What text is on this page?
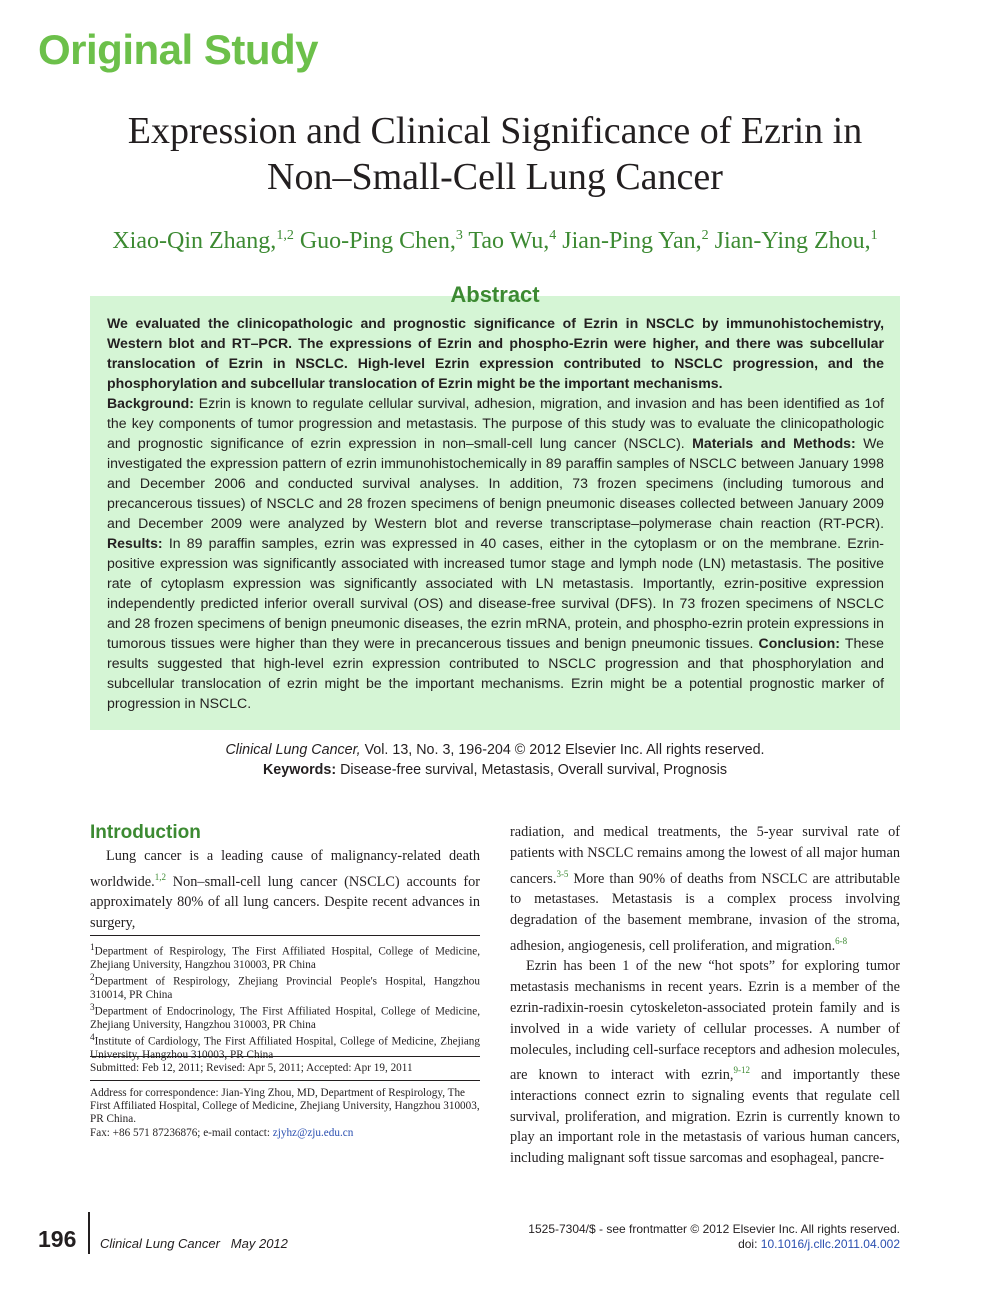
Original Study
Expression and Clinical Significance of Ezrin in
Non–Small-Cell Lung Cancer
Xiao-Qin Zhang,$^{1,2}$ Guo-Ping Chen,$^3$ Tao Wu,$^4$ Jian-Ping Yan,$^2$ Jian-Ying Zhou,$^1$
Abstract

We evaluated the clinicopathologic and prognostic significance of Ezrin in NSCLC by immunohistochemistry, Western blot and RT–PCR. The expressions of Ezrin and phospho-Ezrin were higher, and there was subcellular translocation of Ezrin in NSCLC. High-level Ezrin expression contributed to NSCLC progression, and the phosphorylation and subcellular translocation of Ezrin might be the important mechanisms.

Background: Ezrin is known to regulate cellular survival, adhesion, migration, and invasion and has been identified as 1of the key components of tumor progression and metastasis. The purpose of this study was to evaluate the clinicopathologic and prognostic significance of ezrin expression in non–small-cell lung cancer (NSCLC). Materials and Methods: We investigated the expression pattern of ezrin immunohistochemically in 89 paraffin samples of NSCLC between January 1998 and December 2006 and conducted survival analyses. In addition, 73 frozen specimens (including tumorous and precancerous tissues) of NSCLC and 28 frozen specimens of benign pneumonic diseases collected between January 2009 and December 2009 were analyzed by Western blot and reverse transcriptase–polymerase chain reaction (RT-PCR). Results: In 89 paraffin samples, ezrin was expressed in 40 cases, either in the cytoplasm or on the membrane. Ezrin-positive expression was significantly associated with increased tumor stage and lymph node (LN) metastasis. The positive rate of cytoplasm expression was significantly associated with LN metastasis. Importantly, ezrin-positive expression independently predicted inferior overall survival (OS) and disease-free survival (DFS). In 73 frozen specimens of NSCLC and 28 frozen specimens of benign pneumonic diseases, the ezrin mRNA, protein, and phospho-ezrin protein expressions in tumorous tissues were higher than they were in precancerous tissues and benign pneumonic tissues. Conclusion: These results suggested that high-level ezrin expression contributed to NSCLC progression and that phosphorylation and subcellular translocation of ezrin might be the important mechanisms. Ezrin might be a potential prognostic marker of progression in NSCLC.

Clinical Lung Cancer, Vol. 13, No. 3, 196-204 © 2012 Elsevier Inc. All rights reserved.
Keywords: Disease-free survival, Metastasis, Overall survival, Prognosis
Introduction

Lung cancer is a leading cause of malignancy-related death worldwide.$^{1,2}$ Non–small-cell lung cancer (NSCLC) accounts for approximately 80% of all lung cancers. Despite recent advances in surgery,

radiation, and medical treatments, the 5-year survival rate of patients with NSCLC remains among the lowest of all major human cancers.$^{3-5}$ More than 90% of deaths from NSCLC are attributable to metastases. Metastasis is a complex process involving degradation of the basement membrane, invasion of the stroma, adhesion, angiogenesis, cell proliferation, and migration.$^{6-8}$

Ezrin has been 1 of the new “hot spots” for exploring tumor metastasis mechanisms in recent years. Ezrin is a member of the ezrin-radixin-roesin cytoskeleton-associated protein family and is involved in a wide variety of cellular processes. A number of molecules, including cell-surface receptors and adhesion molecules, are known to interact with ezrin,$^{9-12}$ and importantly these interactions connect ezrin to signaling events that regulate cell survival, proliferation, and migration. Ezrin is currently known to play an important role in the metastasis of various human cancers, including malignant soft tissue sarcomas and esophageal, pancre-

$^1$Department of Respirology, The First Affiliated Hospital, College of Medicine, Zhejiang University, Hangzhou 310003, PR China
$^2$Department of Respirology, Zhejiang Provincial People's Hospital, Hangzhou 310014, PR China
$^3$Department of Endocrinology, The First Affiliated Hospital, College of Medicine, Zhejiang University, Hangzhou 310003, PR China
$^4$Institute of Cardiology, The First Affiliated Hospital, College of Medicine, Zhejiang
Submitted: Feb 12, 2011; Revised: Apr 5, 2011; Accepted: Apr 19, 2011
Address for correspondence: Jian-Ying Zhou, MD, Department of Respirology, The First Affiliated Hospital, College of Medicine, Zhejiang University, Hangzhou 310003, PR China.
Fax: +86 571 87236876; e-mail contact: zjyhz@zju.edu.cn
196 Clinical Lung Cancer May 2012
1525-7304/$ - see frontmatter © 2012 Elsevier Inc. All rights reserved.
doi: 10.1016/j.cllc.2011.04.002
